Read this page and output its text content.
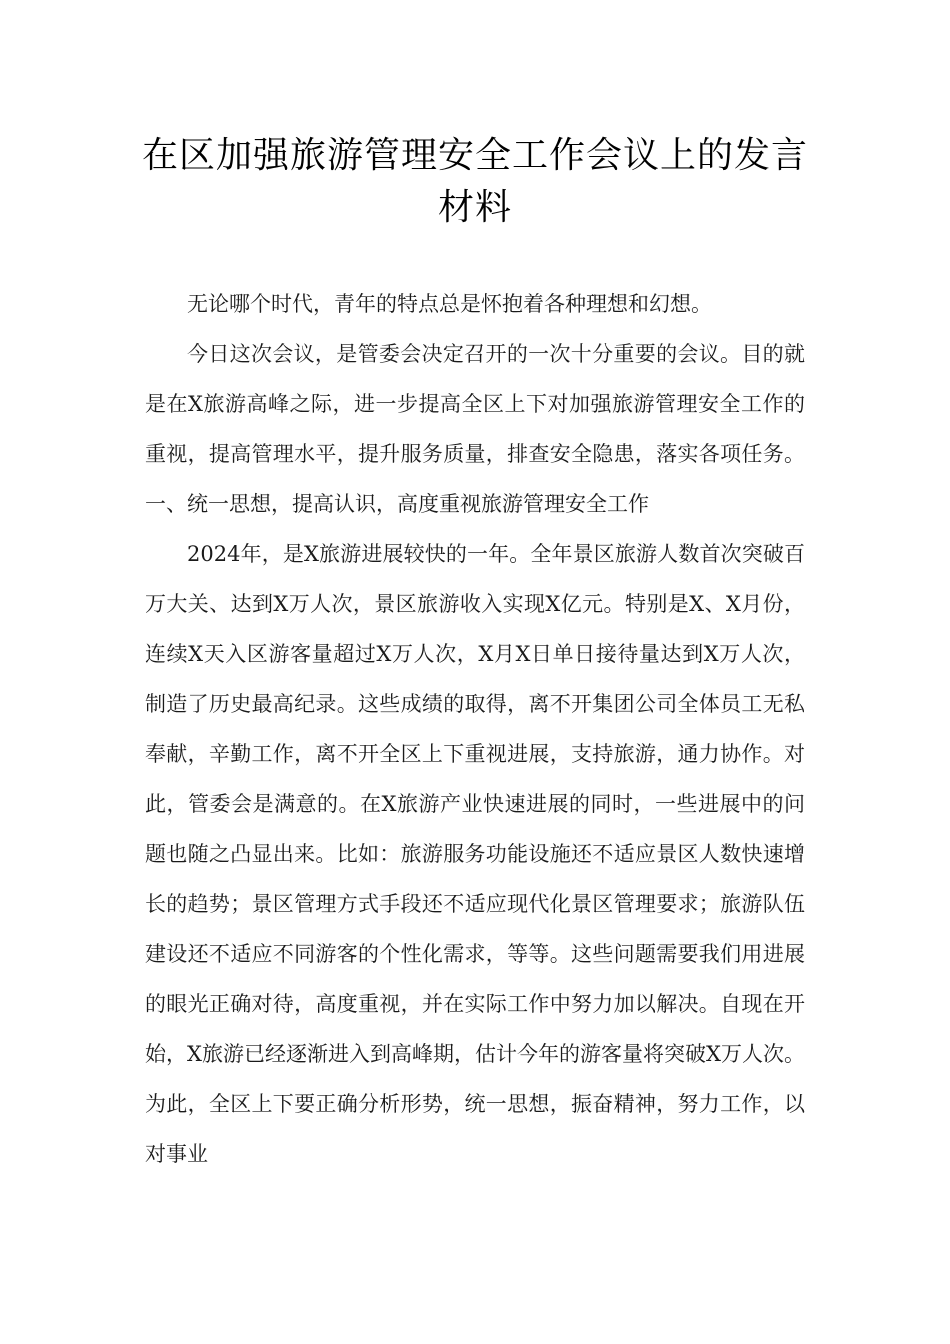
在区加强旅游管理安全工作会议上的发言材料

无论哪个时代，青年的特点总是怀抱着各种理想和幻想。

今日这次会议，是管委会决定召开的一次十分重要的会议。目的就是在X旅游高峰之际，进一步提高全区上下对加强旅游管理安全工作的重视，提高管理水平，提升服务质量，排查安全隐患，落实各项任务。一、统一思想，提高认识，高度重视旅游管理安全工作

2024年，是X旅游进展较快的一年。全年景区旅游人数首次突破百万大关、达到X万人次，景区旅游收入实现X亿元。特别是X、X月份，连续X天入区游客量超过X万人次，X月X日单日接待量达到X万人次，制造了历史最高纪录。这些成绩的取得，离不开集团公司全体员工无私奉献，辛勤工作，离不开全区上下重视进展，支持旅游，通力协作。对此，管委会是满意的。在X旅游产业快速进展的同时，一些进展中的问题也随之凸显出来。比如：旅游服务功能设施还不适应景区人数快速增长的趋势；景区管理方式手段还不适应现代化景区管理要求；旅游队伍建设还不适应不同游客的个性化需求，等等。这些问题需要我们用进展的眼光正确对待，高度重视，并在实际工作中努力加以解决。自现在开始，X旅游已经逐渐进入到高峰期，估计今年的游客量将突破X万人次。为此，全区上下要正确分析形势，统一思想，振奋精神，努力工作，以对事业
